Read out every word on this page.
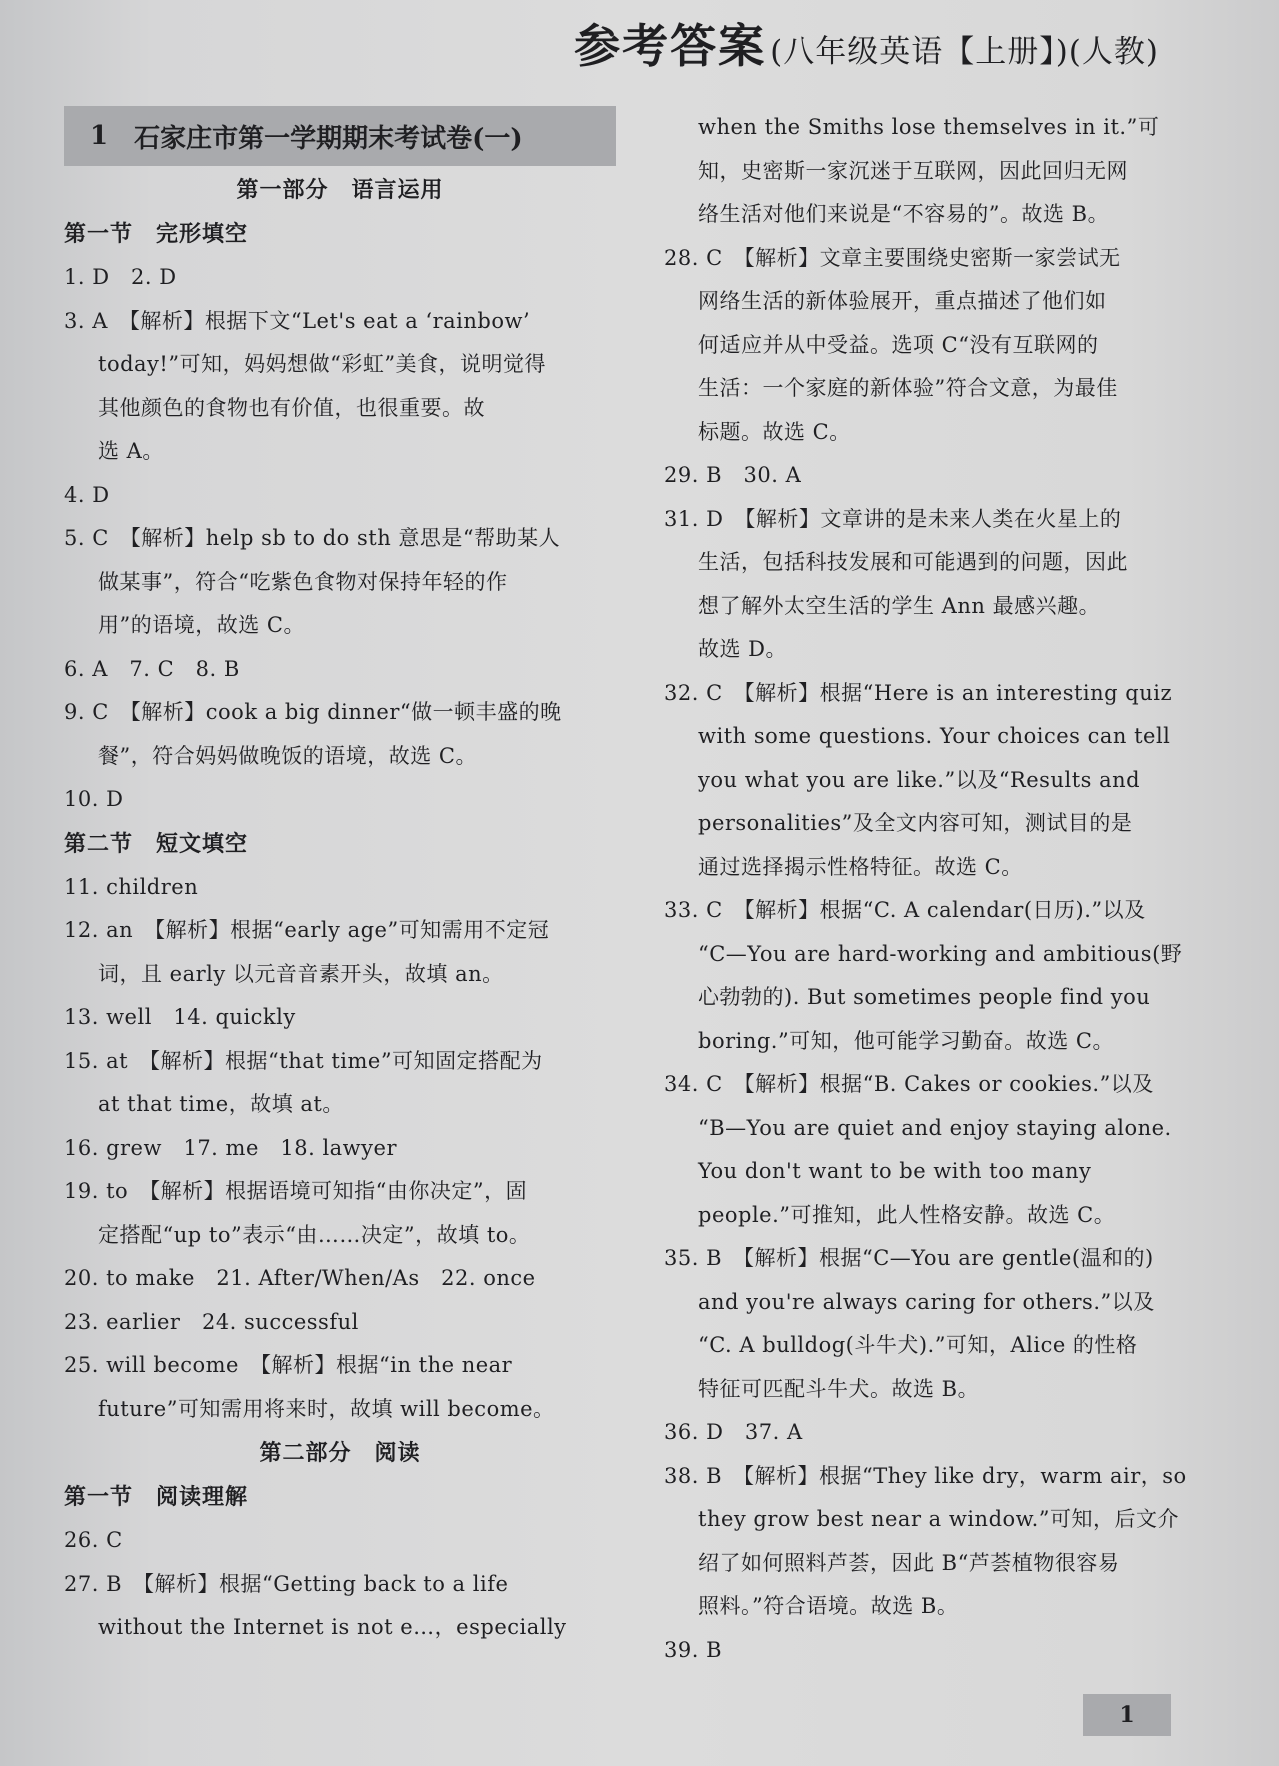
参考答案 (八年级英语【上册】)(人教)
1 石家庄市第一学期期末考试卷(一)
第一部分　语言运用
第一节　完形填空
1. D　2. D
3. A　【解析】根据下文“Let's eat a ‘rainbow’
today!”可知，妈妈想做“彩虹”美食，说明觉得
其他颜色的食物也有价值，也很重要。故
选 A。
4. D
5. C　【解析】help sb to do sth 意思是“帮助某人
做某事”，符合“吃紫色食物对保持年轻的作
用”的语境，故选 C。
6. A　7. C　8. B
9. C　【解析】cook a big dinner“做一顿丰盛的晚
餐”，符合妈妈做晚饭的语境，故选 C。
10. D
第二节　短文填空
11. children
12. an　【解析】根据“early age”可知需用不定冠
词，且 early 以元音音素开头，故填 an。
13. well　14. quickly
15. at　【解析】根据“that time”可知固定搭配为
at that time，故填 at。
16. grew　17. me　18. lawyer
19. to　【解析】根据语境可知指“由你决定”，固
定搭配“up to”表示“由……决定”，故填 to。
20. to make　21. After/When/As　22. once
23. earlier　24. successful
25. will become　【解析】根据“in the near
future”可知需用将来时，故填 will become。
第二部分　阅读
第一节　阅读理解
26. C
27. B　【解析】根据“Getting back to a life
without the Internet is not e…，especially
when the Smiths lose themselves in it.”可
知，史密斯一家沉迷于互联网，因此回归无网
络生活对他们来说是“不容易的”。故选 B。
28. C　【解析】文章主要围绕史密斯一家尝试无
网络生活的新体验展开，重点描述了他们如
何适应并从中受益。选项 C“没有互联网的
生活：一个家庭的新体验”符合文意，为最佳
标题。故选 C。
29. B　30. A
31. D　【解析】文章讲的是未来人类在火星上的
生活，包括科技发展和可能遇到的问题，因此
想了解外太空生活的学生 Ann 最感兴趣。
故选 D。
32. C　【解析】根据“Here is an interesting quiz
with some questions. Your choices can tell
you what you are like.”以及“Results and
personalities”及全文内容可知，测试目的是
通过选择揭示性格特征。故选 C。
33. C　【解析】根据“C. A calendar(日历).”以及
“C—You are hard-working and ambitious(野
心勃勃的). But sometimes people find you
boring.”可知，他可能学习勤奋。故选 C。
34. C　【解析】根据“B. Cakes or cookies.”以及
“B—You are quiet and enjoy staying alone.
You don't want to be with too many
people.”可推知，此人性格安静。故选 C。
35. B　【解析】根据“C—You are gentle(温和的)
and you're always caring for others.”以及
“C. A bulldog(斗牛犬).”可知，Alice 的性格
特征可匹配斗牛犬。故选 B。
36. D　37. A
38. B　【解析】根据“They like dry，warm air，so
they grow best near a window.”可知，后文介
绍了如何照料芦荟，因此 B“芦荟植物很容易
照料。”符合语境。故选 B。
39. B
1
